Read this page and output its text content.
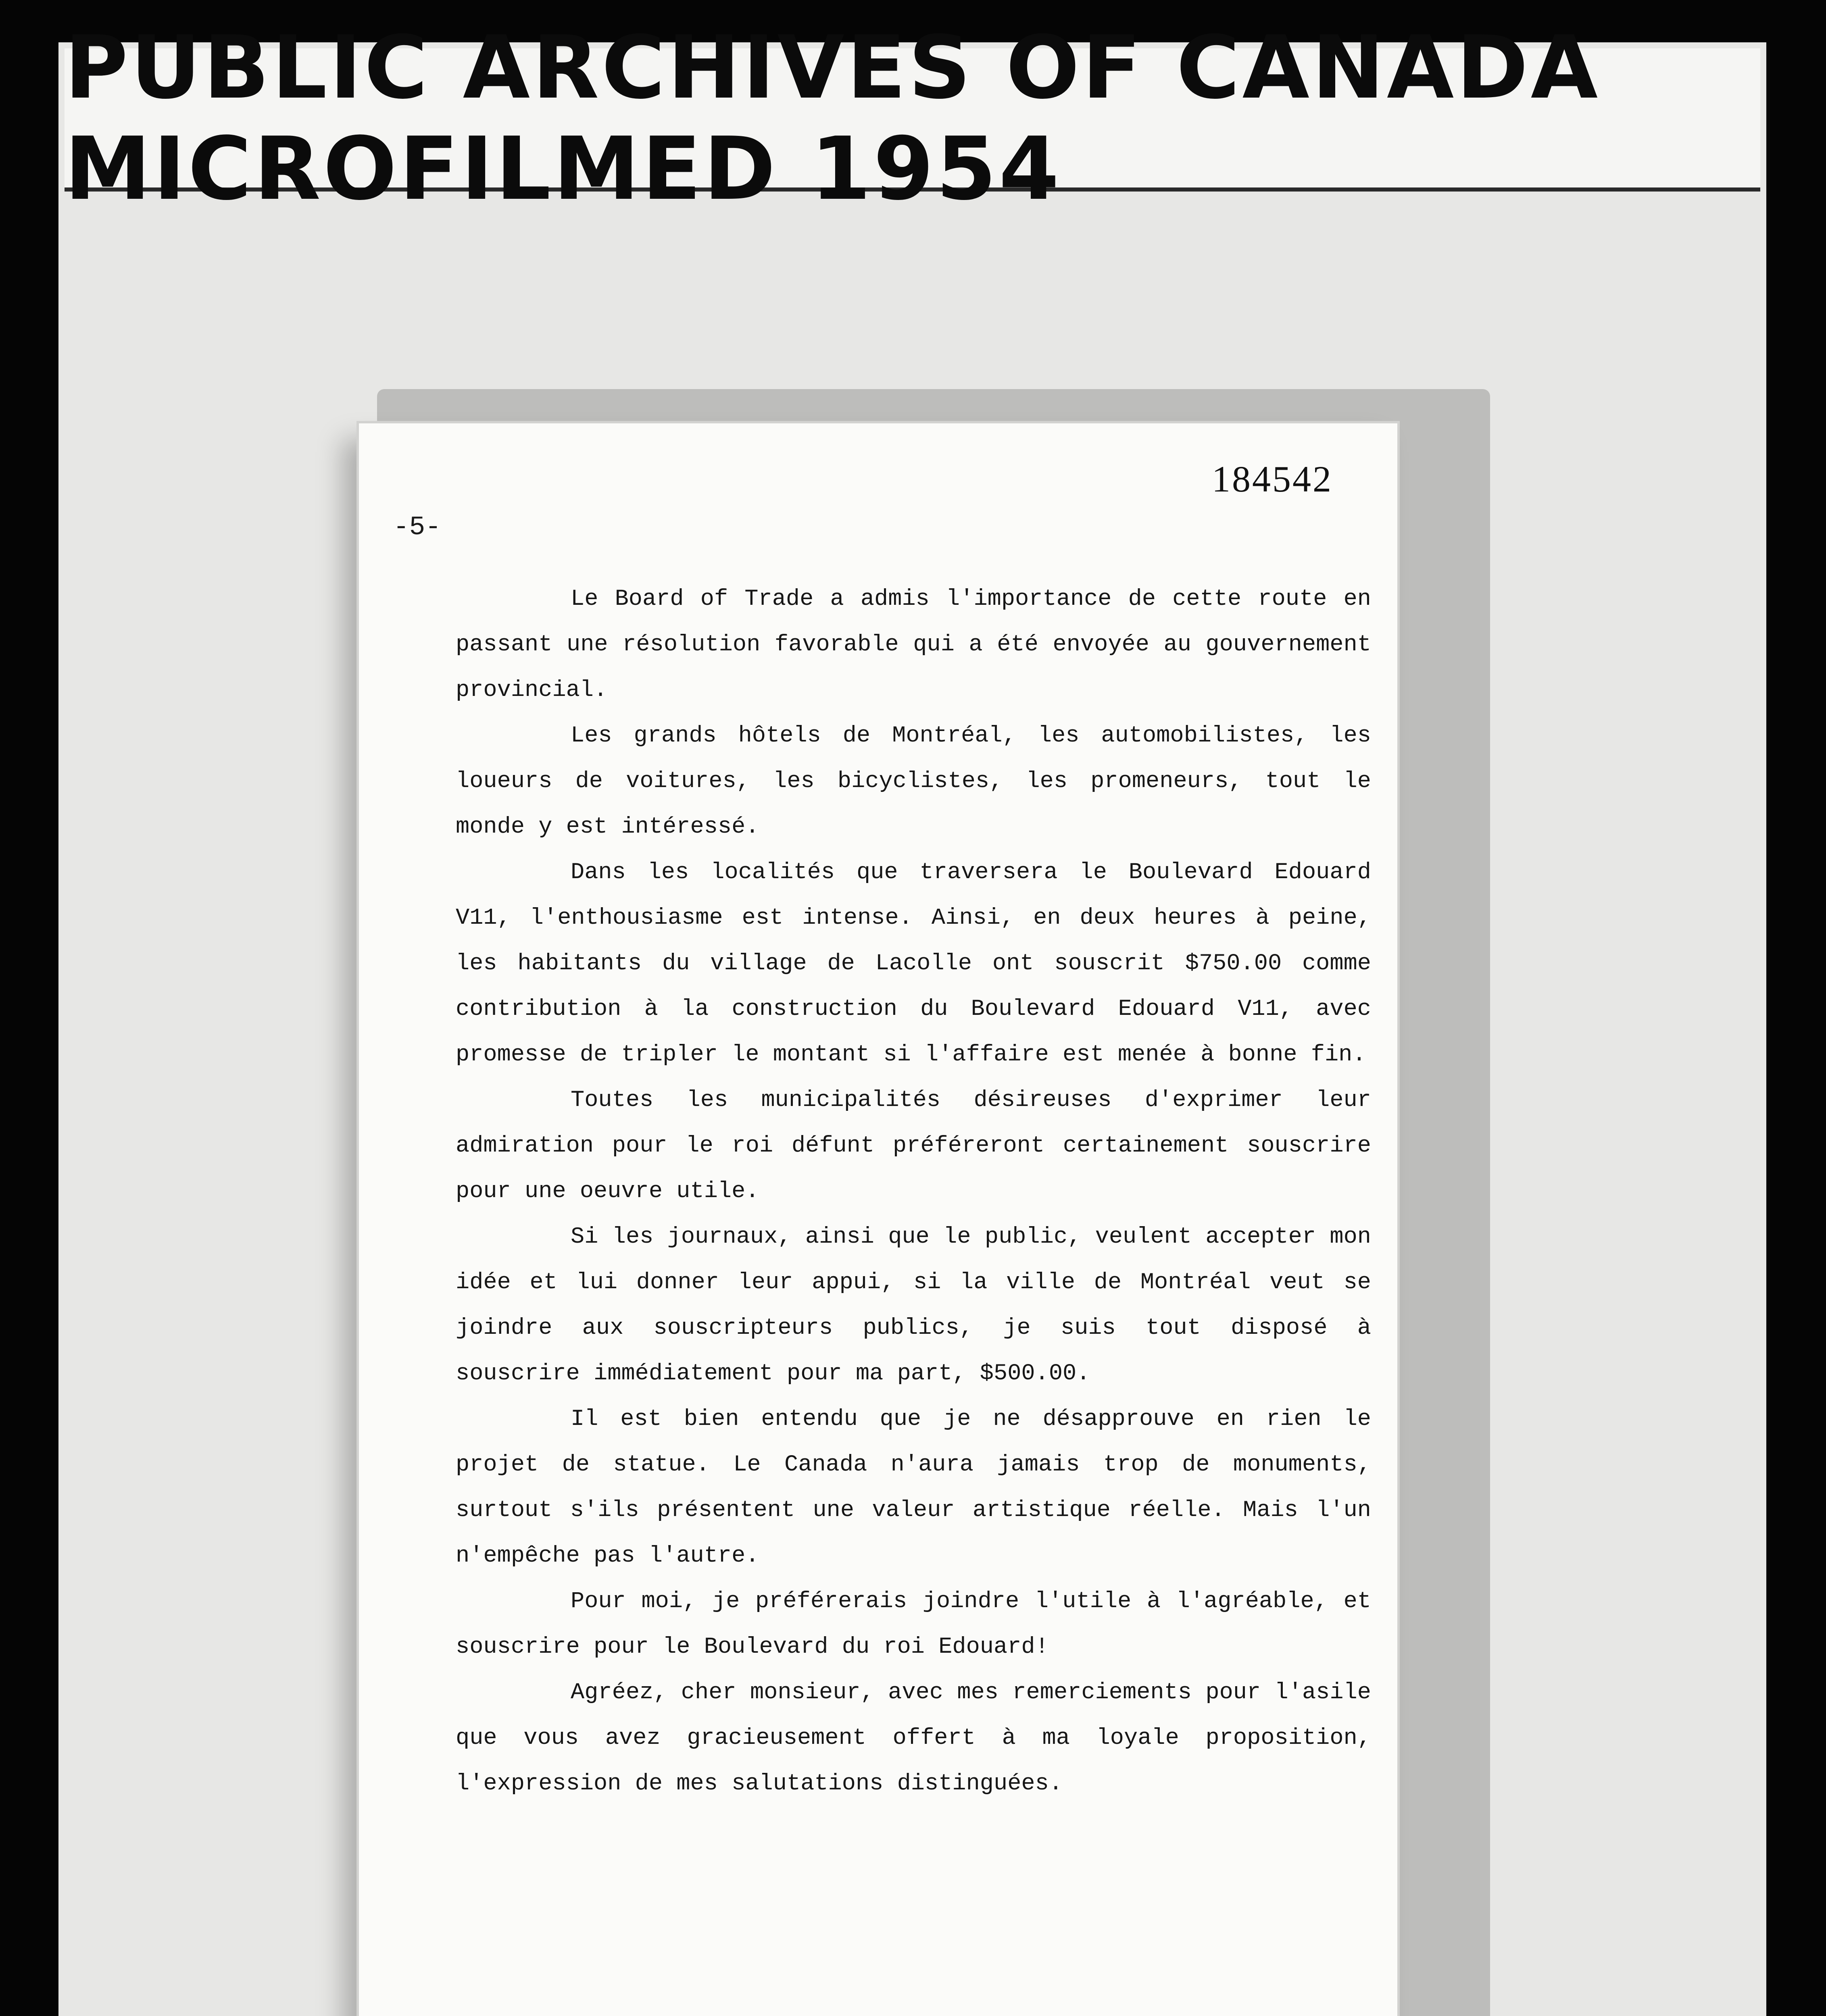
PUBLIC ARCHIVES OF CANADA MICROFILMED 1954
184542
-5-

Le Board of Trade a admis l'importance de cette route en passant une résolution favorable qui a été envoyée au gouvernement provincial.

Les grands hôtels de Montréal, les automobilistes, les loueurs de voitures, les bicyclistes, les promeneurs, tout le monde y est intéressé.

Dans les localités que traversera le Boulevard Edouard V11, l'enthousiasme est intense. Ainsi, en deux heures à peine, les habitants du village de Lacolle ont souscrit $750.00 comme contribution à la construction du Boulevard Edouard V11, avec promesse de tripler le montant si l'affaire est menée à bonne fin.

Toutes les municipalités désireuses d'exprimer leur admiration pour le roi défunt préféreront certainement souscrire pour une oeuvre utile.

Si les journaux, ainsi que le public, veulent accepter mon idée et lui donner leur appui, si la ville de Montréal veut se joindre aux souscripteurs publics, je suis tout disposé à souscrire immédiatement pour ma part, $500.00.

Il est bien entendu que je ne désapprouve en rien le projet de statue. Le Canada n'aura jamais trop de monuments, surtout s'ils présentent une valeur artistique réelle. Mais l'un n'empêche pas l'autre.

Pour moi, je préférerais joindre l'utile à l'agréable, et souscrire pour le Boulevard du roi Edouard!

Agréez, cher monsieur, avec mes remerciements pour l'asile que vous avez gracieusement offert à ma loyale proposition, l'expression de mes salutations distinguées.
